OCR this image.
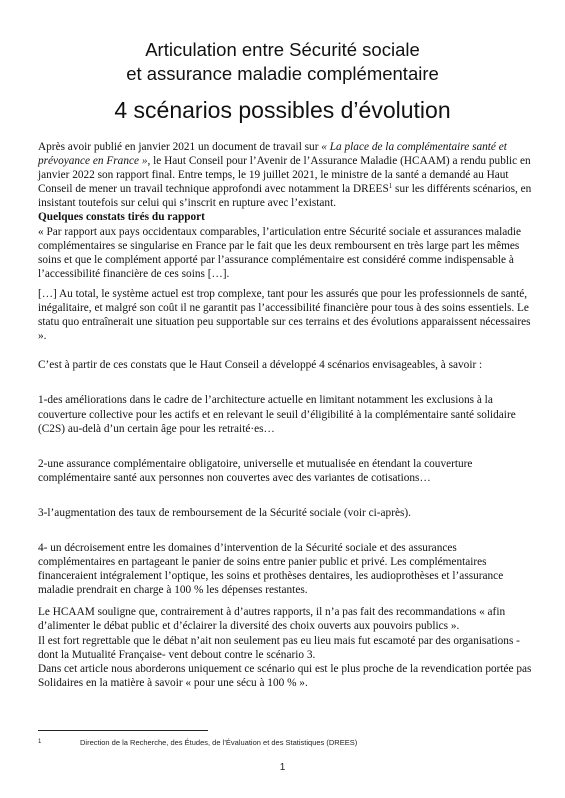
Articulation entre Sécurité sociale
et assurance maladie complémentaire
4 scénarios possibles d’évolution

Après avoir publié en janvier 2021 un document de travail sur « La place de la complémentaire santé et prévoyance en France », le Haut Conseil pour l’Avenir de l’Assurance Maladie (HCAAM) a rendu public en janvier 2022 son rapport final. Entre temps, le 19 juillet 2021, le ministre de la santé a demandé au Haut Conseil de mener un travail technique approfondi avec notamment la DREES$^1$ sur les différents scénarios, en insistant toutefois sur celui qui s’inscrit en rupture avec l’existant.

Quelques constats tirés du rapport

« Par rapport aux pays occidentaux comparables, l’articulation entre Sécurité sociale et assurances maladie complémentaires se singularise en France par le fait que les deux remboursent en très large part les mêmes soins et que le complément apporté par l’assurance complémentaire est considéré comme indispensable à l’accessibilité financière de ces soins […].

[…] Au total, le système actuel est trop complexe, tant pour les assurés que pour les professionnels de santé, inégalitaire, et malgré son coût il ne garantit pas l’accessibilité financière pour tous à des soins essentiels. Le statu quo entraînerait une situation peu supportable sur ces terrains et des évolutions apparaissent nécessaires ».

C’est à partir de ces constats que le Haut Conseil a développé 4 scénarios envisageables, à savoir :

1-des améliorations dans le cadre de l’architecture actuelle en limitant notamment les exclusions à la couverture collective pour les actifs et en relevant le seuil d’éligibilité à la complémentaire santé solidaire (C2S) au-delà d’un certain âge pour les retraité·es…

2-une assurance complémentaire obligatoire, universelle et mutualisée en étendant la couverture complémentaire santé aux personnes non couvertes avec des variantes de cotisations…

3-l’augmentation des taux de remboursement de la Sécurité sociale (voir ci-après).

4- un décroisement entre les domaines d’intervention de la Sécurité sociale et des assurances complémentaires en partageant le panier de soins entre panier public et privé. Les complémentaires financeraient intégralement l’optique, les soins et prothèses dentaires, les audioprothèses et l’assurance maladie prendrait en charge à 100 % les dépenses restantes.

Le HCAAM souligne que, contrairement à d’autres rapports, il n’a pas fait des recommandations « afin d’alimenter le débat public et d’éclairer la diversité des choix ouverts aux pouvoirs publics ».

Il est fort regrettable que le débat n’ait non seulement pas eu lieu mais fut escamoté par des organisations - dont la Mutualité Française- vent debout contre le scénario 3.

Dans cet article nous aborderons uniquement ce scénario qui est le plus proche de la revendication portée pas Solidaires en la matière à savoir « pour une sécu à 100 % ».

1	Direction de la Recherche, des Études, de l’Évaluation et des Statistiques (DREES)
1
